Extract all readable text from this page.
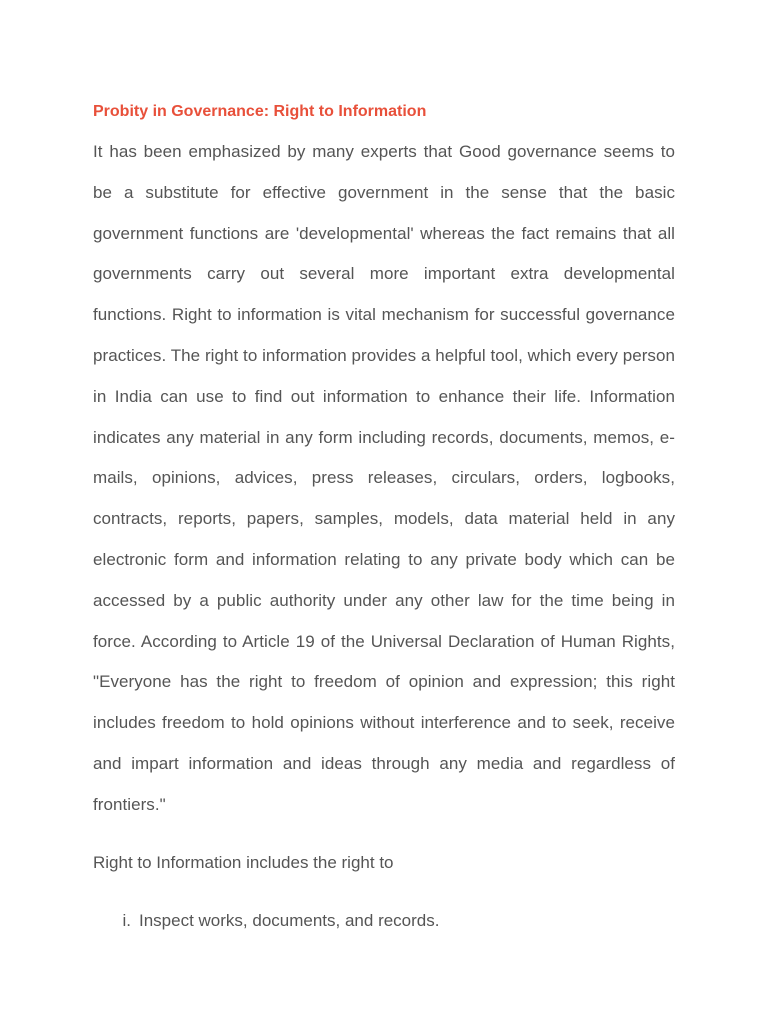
Probity in Governance: Right to Information

It has been emphasized by many experts that Good governance seems to be a substitute for effective government in the sense that the basic government functions are 'developmental' whereas the fact remains that all governments carry out several more important extra developmental functions. Right to information is vital mechanism for successful governance practices. The right to information provides a helpful tool, which every person in India can use to find out information to enhance their life. Information indicates any material in any form including records, documents, memos, e-mails, opinions, advices, press releases, circulars, orders, logbooks, contracts, reports, papers, samples, models, data material held in any electronic form and information relating to any private body which can be accessed by a public authority under any other law for the time being in force. According to Article 19 of the Universal Declaration of Human Rights, "Everyone has the right to freedom of opinion and expression; this right includes freedom to hold opinions without interference and to seek, receive and impart information and ideas through any media and regardless of frontiers."

Right to Information includes the right to

i. Inspect works, documents, and records.
